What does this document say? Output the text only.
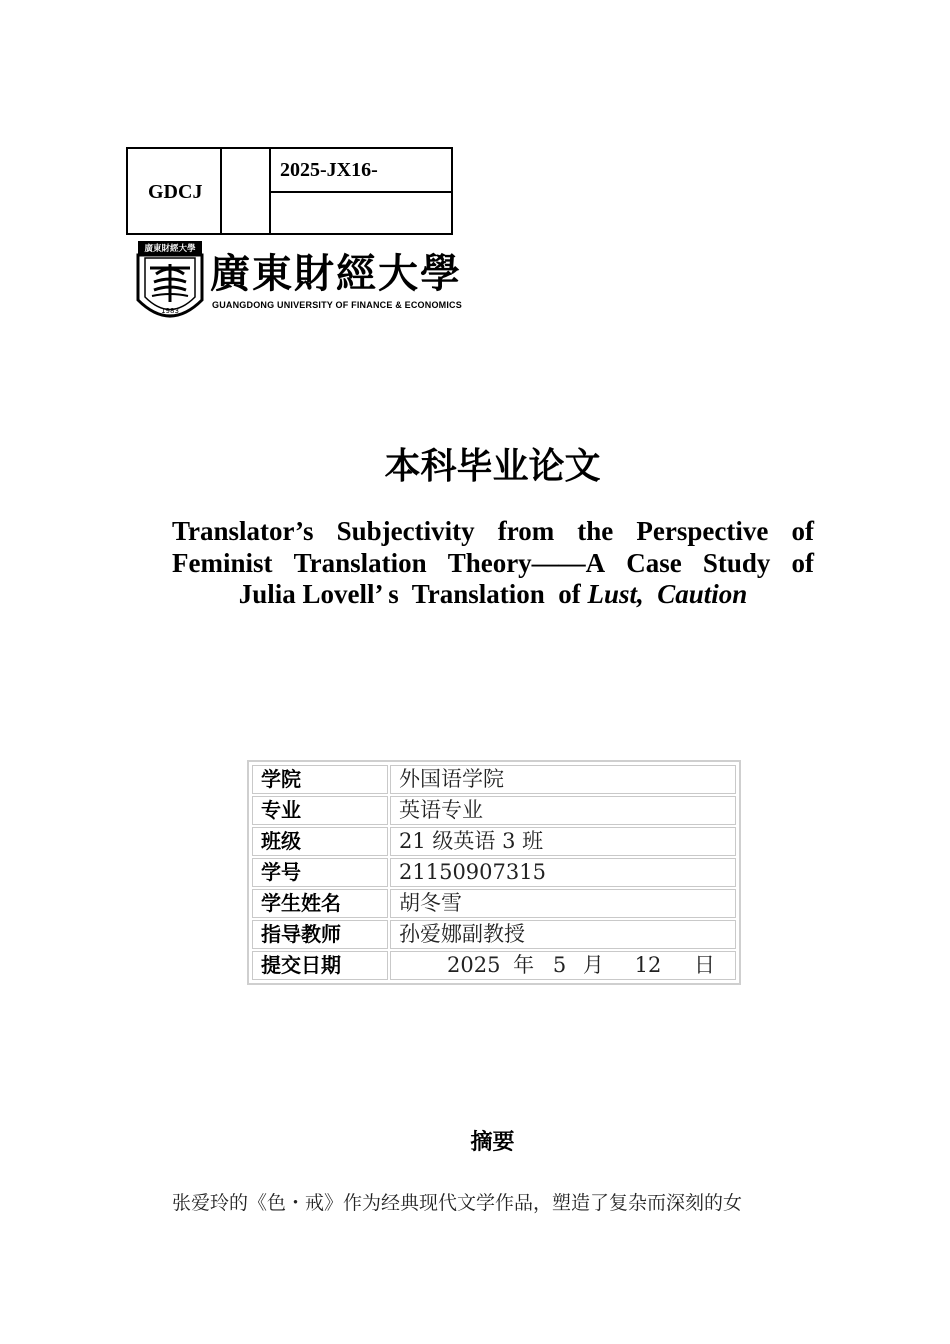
GDCJ
2025-JX16-
廣東財經大學
1983
廣東財經大學
GUANGDONG UNIVERSITY OF FINANCE & ECONOMICS
本科毕业论文
Translator’s Subjectivity from the Perspective of
Feminist Translation Theory——A Case Study of
Julia Lovell’ s  Translation  of Lust,  Caution
学院	外国语学院
专业	英语专业
班级	21 级英语 3 班
学号	21150907315
学生姓名	胡冬雪
指导教师	孙爱娜副教授
提交日期	2025 年 5 月 12 日
摘要
张爱玲的《色・戒》作为经典现代文学作品，塑造了复杂而深刻的女
